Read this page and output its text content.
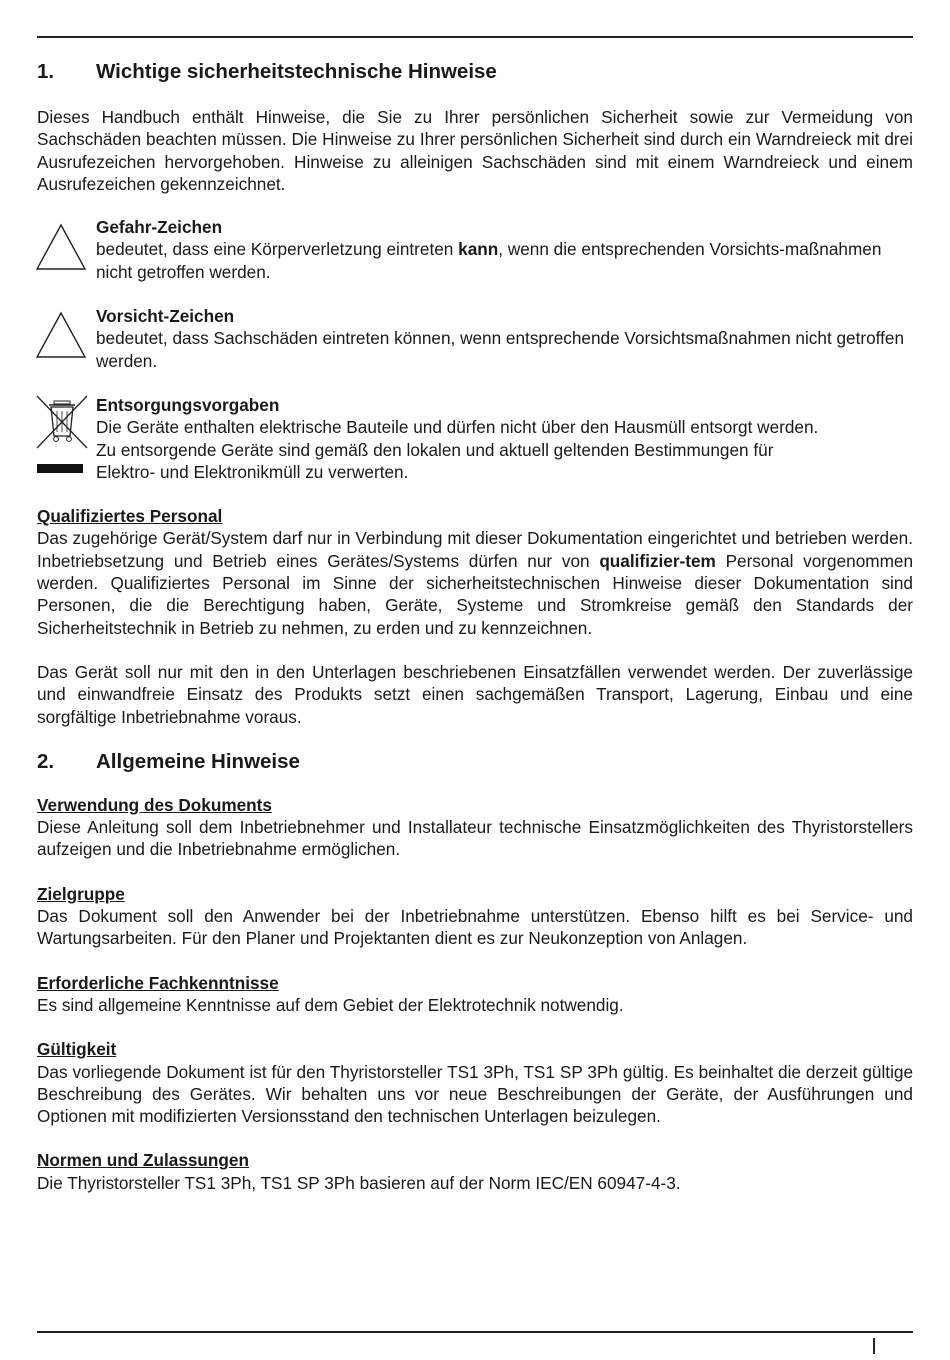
1.	Wichtige sicherheitstechnische Hinweise

Dieses Handbuch enthält Hinweise, die Sie zu Ihrer persönlichen Sicherheit sowie zur Vermeidung von Sachschäden beachten müssen. Die Hinweise zu Ihrer persönlichen Sicherheit sind durch ein Warndreieck mit drei Ausrufezeichen hervorgehoben. Hinweise zu alleinigen Sachschäden sind mit einem Warndreieck und einem Ausrufezeichen gekennzeichnet.

Gefahr-Zeichen

bedeutet, dass eine Körperverletzung eintreten kann, wenn die entsprechenden Vorsichts-maßnahmen nicht getroffen werden.

Vorsicht-Zeichen

bedeutet, dass Sachschäden eintreten können, wenn entsprechende Vorsichtsmaßnahmen nicht getroffen werden.

Entsorgungsvorgaben
Die Geräte enthalten elektrische Bauteile und dürfen nicht über den Hausmüll entsorgt werden.
Zu entsorgende Geräte sind gemäß den lokalen und aktuell geltenden Bestimmungen für
Elektro- und Elektronikmüll zu verwerten.
Qualifiziertes Personal

Das zugehörige Gerät/System darf nur in Verbindung mit dieser Dokumentation eingerichtet und betrieben werden. Inbetriebsetzung und Betrieb eines Gerätes/Systems dürfen nur von qualifizier-tem Personal vorgenommen werden. Qualifiziertes Personal im Sinne der sicherheitstechnischen Hinweise dieser Dokumentation sind Personen, die die Berechtigung haben, Geräte, Systeme und Stromkreise gemäß den Standards der Sicherheitstechnik in Betrieb zu nehmen, zu erden und zu kennzeichnen.

Das Gerät soll nur mit den in den Unterlagen beschriebenen Einsatzfällen verwendet werden. Der zuverlässige und einwandfreie Einsatz des Produkts setzt einen sachgemäßen Transport, Lagerung, Einbau und eine sorgfältige Inbetriebnahme voraus.

2.	Allgemeine Hinweise
Verwendung des Dokuments

Diese Anleitung soll dem Inbetriebnehmer und Installateur technische Einsatzmöglichkeiten des Thyristorstellers aufzeigen und die Inbetriebnahme ermöglichen.

Zielgruppe

Das Dokument soll den Anwender bei der Inbetriebnahme unterstützen. Ebenso hilft es bei Service- und Wartungsarbeiten. Für den Planer und Projektanten dient es zur Neukonzeption von Anlagen.

Erforderliche Fachkenntnisse

Es sind allgemeine Kenntnisse auf dem Gebiet der Elektrotechnik notwendig.

Gültigkeit

Das vorliegende Dokument ist für den Thyristorsteller TS1 3Ph, TS1 SP 3Ph gültig. Es beinhaltet die derzeit gültige Beschreibung des Gerätes. Wir behalten uns vor neue Beschreibungen der Geräte, der Ausführungen und Optionen mit modifizierten Versionsstand den technischen Unterlagen beizulegen.

Normen und Zulassungen

Die Thyristorsteller TS1 3Ph, TS1 SP 3Ph basieren auf der Norm IEC/EN 60947-4-3.
